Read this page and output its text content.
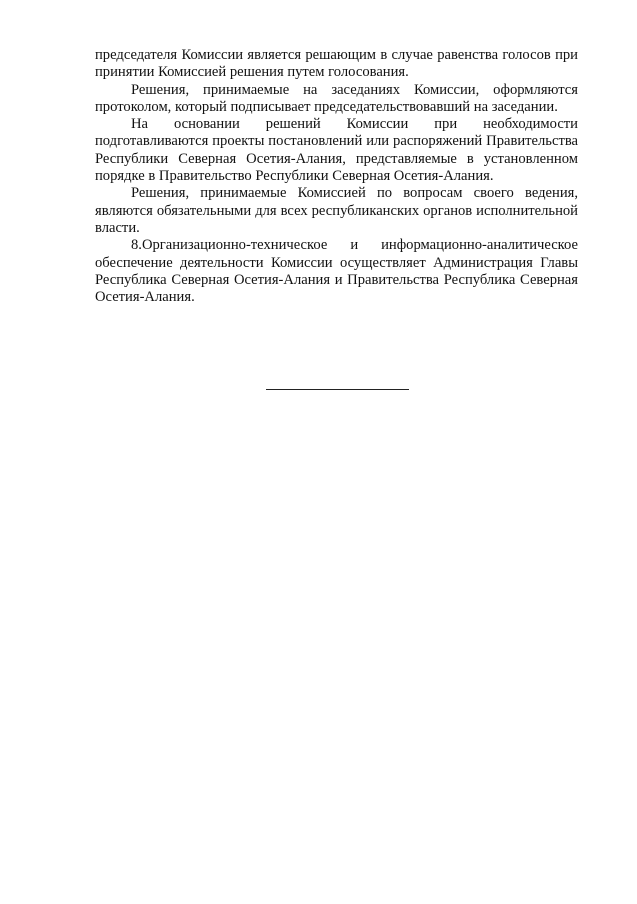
председателя Комиссии является решающим в случае равенства голосов при принятии Комиссией решения путем голосования.

Решения, принимаемые на заседаниях Комиссии, оформляются протоколом, который подписывает председательствовавший на заседании.

На основании решений Комиссии при необходимости подготавливаются проекты постановлений или распоряжений Правительства Республики Северная Осетия-Алания, представляемые в установленном порядке в Правительство Республики Северная Осетия-Алания.

Решения, принимаемые Комиссией по вопросам своего ведения, являются обязательными для всех республиканских органов исполнительной власти.

8.Организационно-техническое и информационно-аналитическое обеспечение деятельности Комиссии осуществляет Администрация Главы Республика Северная Осетия-Алания и Правительства Республика Северная Осетия-Алания.
